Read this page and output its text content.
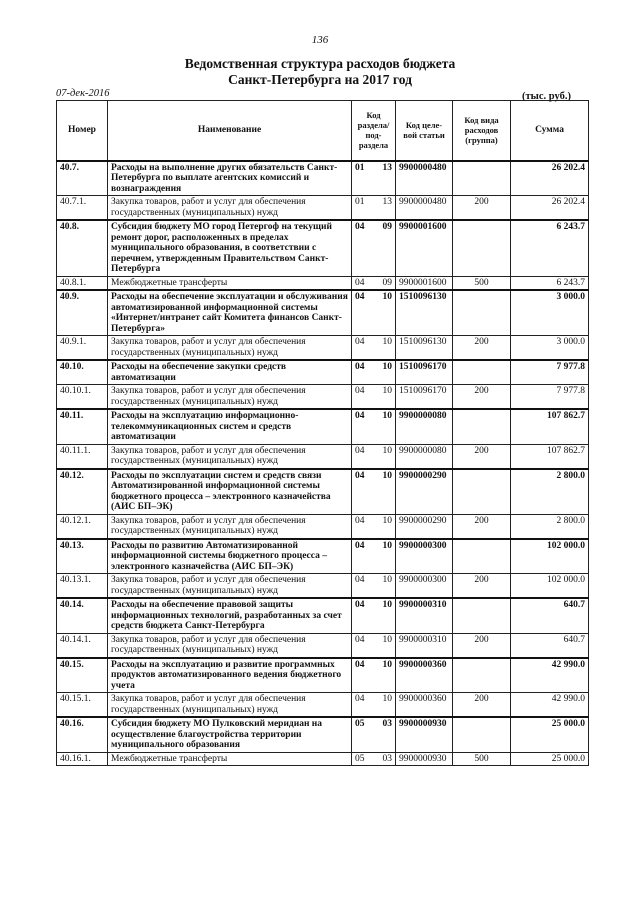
136
Ведомственная структура расходов бюджета
Санкт-Петербурга на 2017 год
07-дек-2016	(тыс. руб.)
Номер	Наименование	Код раздела/ под- раздела		Код целе- вой статьи	Код вида расходов (группа)	Сумма
40.7.	Расходы на выполнение других обязательств Санкт-Петербурга по выплате агентских комиссий и вознаграждения	01	13	9900000480		26 202.4
40.7.1.	Закупка товаров, работ и услуг для обеспечения государственных (муниципальных) нужд	01	13	9900000480	200	26 202.4
40.8.	Субсидия бюджету МО город Петергоф на текущий ремонт дорог, расположенных в пределах муниципального образования, в соответствии с перечнем, утвержденным Правительством Санкт-Петербурга	04	09	9900001600		6 243.7
40.8.1.	Межбюджетные трансферты	04	09	9900001600	500	6 243.7
40.9.	Расходы на обеспечение эксплуатации и обслуживания автоматизированной информационной системы «Интернет/интранет сайт Комитета финансов Санкт-Петербурга»	04	10	1510096130		3 000.0
40.9.1.	Закупка товаров, работ и услуг для обеспечения государственных (муниципальных) нужд	04	10	1510096130	200	3 000.0
40.10.	Расходы на обеспечение закупки средств автоматизации	04	10	1510096170		7 977.8
40.10.1.	Закупка товаров, работ и услуг для обеспечения государственных (муниципальных) нужд	04	10	1510096170	200	7 977.8
40.11.	Расходы на эксплуатацию информационно-телекоммуникационных систем и средств автоматизации	04	10	9900000080		107 862.7
40.11.1.	Закупка товаров, работ и услуг для обеспечения государственных (муниципальных) нужд	04	10	9900000080	200	107 862.7
40.12.	Расходы по эксплуатации систем и средств связи Автоматизированной информационной системы бюджетного процесса – электронного казначейства (АИС БП–ЭК)	04	10	9900000290		2 800.0
40.12.1.	Закупка товаров, работ и услуг для обеспечения государственных (муниципальных) нужд	04	10	9900000290	200	2 800.0
40.13.	Расходы по развитию Автоматизированной информационной системы бюджетного процесса – электронного казначейства (АИС БП–ЭК)	04	10	9900000300		102 000.0
40.13.1.	Закупка товаров, работ и услуг для обеспечения государственных (муниципальных) нужд	04	10	9900000300	200	102 000.0
40.14.	Расходы на обеспечение правовой защиты информационных технологий, разработанных за счет средств бюджета Санкт-Петербурга	04	10	9900000310		640.7
40.14.1.	Закупка товаров, работ и услуг для обеспечения государственных (муниципальных) нужд	04	10	9900000310	200	640.7
40.15.	Расходы на эксплуатацию и развитие программных продуктов автоматизированного ведения бюджетного учета	04	10	9900000360		42 990.0
40.15.1.	Закупка товаров, работ и услуг для обеспечения государственных (муниципальных) нужд	04	10	9900000360	200	42 990.0
40.16.	Субсидия бюджету МО Пулковский меридиан на осуществление благоустройства территории муниципального образования	05	03	9900000930		25 000.0
40.16.1.	Межбюджетные трансферты	05	03	9900000930	500	25 000.0
